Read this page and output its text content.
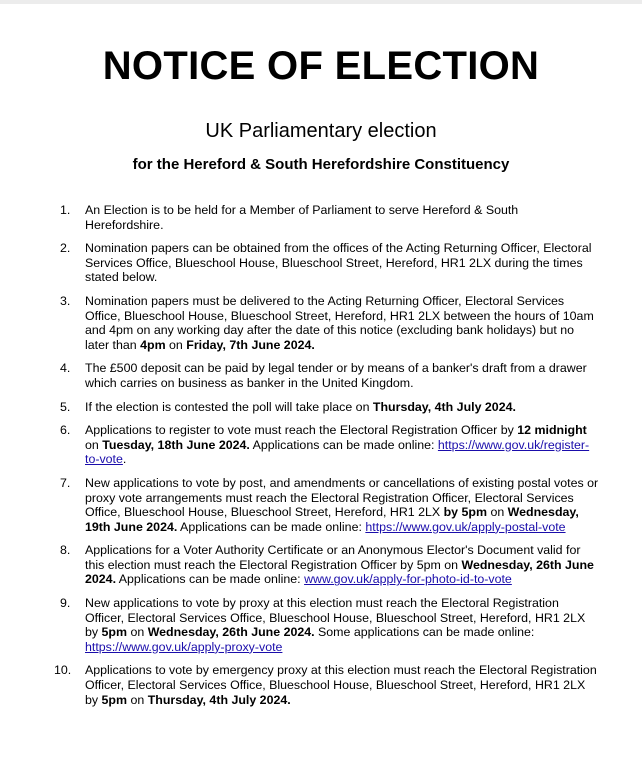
NOTICE OF ELECTION
UK Parliamentary election
for the Hereford & South Herefordshire Constituency
1.	An Election is to be held for a Member of Parliament to serve Hereford & South Herefordshire.
2.	Nomination papers can be obtained from the offices of the Acting Returning Officer, Electoral Services Office, Blueschool House, Blueschool Street, Hereford, HR1 2LX during the times stated below.
3.	Nomination papers must be delivered to the Acting Returning Officer, Electoral Services Office, Blueschool House, Blueschool Street, Hereford, HR1 2LX between the hours of 10am and 4pm on any working day after the date of this notice (excluding bank holidays) but no later than 4pm on Friday, 7th June 2024.
4.	The £500 deposit can be paid by legal tender or by means of a banker's draft from a drawer which carries on business as banker in the United Kingdom.
5.	If the election is contested the poll will take place on Thursday, 4th July 2024.
6.	Applications to register to vote must reach the Electoral Registration Officer by 12 midnight on Tuesday, 18th June 2024. Applications can be made online: https://www.gov.uk/register-to-vote.
7.	New applications to vote by post, and amendments or cancellations of existing postal votes or proxy vote arrangements must reach the Electoral Registration Officer, Electoral Services Office, Blueschool House, Blueschool Street, Hereford, HR1 2LX by 5pm on Wednesday, 19th June 2024. Applications can be made online: https://www.gov.uk/apply-postal-vote
8.	Applications for a Voter Authority Certificate or an Anonymous Elector's Document valid for this election must reach the Electoral Registration Officer by 5pm on Wednesday, 26th June 2024. Applications can be made online: www.gov.uk/apply-for-photo-id-to-vote
9.	New applications to vote by proxy at this election must reach the Electoral Registration Officer, Electoral Services Office, Blueschool House, Blueschool Street, Hereford, HR1 2LX by 5pm on Wednesday, 26th June 2024. Some applications can be made online: https://www.gov.uk/apply-proxy-vote
10. Applications to vote by emergency proxy at this election must reach the Electoral Registration Officer, Electoral Services Office, Blueschool House, Blueschool Street, Hereford, HR1 2LX by 5pm on Thursday, 4th July 2024.
